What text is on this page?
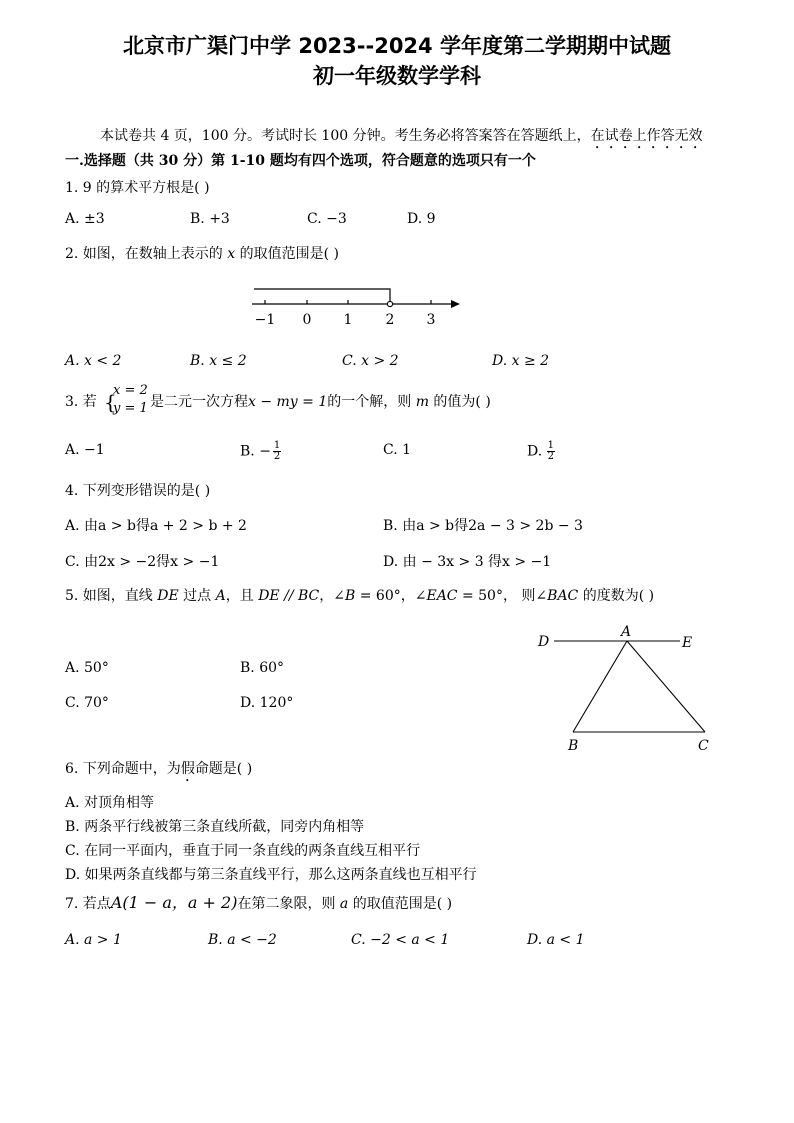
北京市广渠门中学 2023--2024 学年度第二学期期中试题
初一年级数学学科
本试卷共 4 页，100 分。考试时长 100 分钟。考生务必将答案答在答题纸上，在试卷上作答无效
一.选择题（共 30 分）第 1-10 题均有四个选项，符合题意的选项只有一个
1. 9 的算术平方根是( )
A. ±3	B. +3	C. −3	D. 9
2. 如图，在数轴上表示的 x 的取值范围是( )
−1 0 1 2 3
A. x < 2	B. x ≤ 2	C. x > 2	D. x ≥ 2
3. 若 {
x = 2
y = 1 是二元一次方程x − my = 1的一个解，则 m 的值为( )
A. −1	B. − $\frac{1}{2}$	C. 1	D. $\frac{1}{2}$
4. 下列变形错误的是( )
A. 由a > b得a + 2 > b + 2	B. 由a > b得2a − 3 > 2b − 3
C. 由2x > −2得x > −1	D. 由 − 3x > 3 得x > −1
5. 如图，直线 DE 过点 A，且 DE // BC，∠B = 60°，∠EAC = 50°， 则∠BAC 的度数为( )
D
A
E
B	C
A. 50°	B. 60°
C. 70°	D. 120°
6. 下列命题中，为假命题是( )
A. 对顶角相等
B. 两条平行线被第三条直线所截，同旁内角相等
C. 在同一平面内，垂直于同一条直线的两条直线互相平行
D. 如果两条直线都与第三条直线平行，那么这两条直线也互相平行
7. 若点A(1 − a，a + 2)在第二象限，则 a 的取值范围是( )
A. a > 1	B. a < −2	C. −2 < a < 1	D. a < 1
